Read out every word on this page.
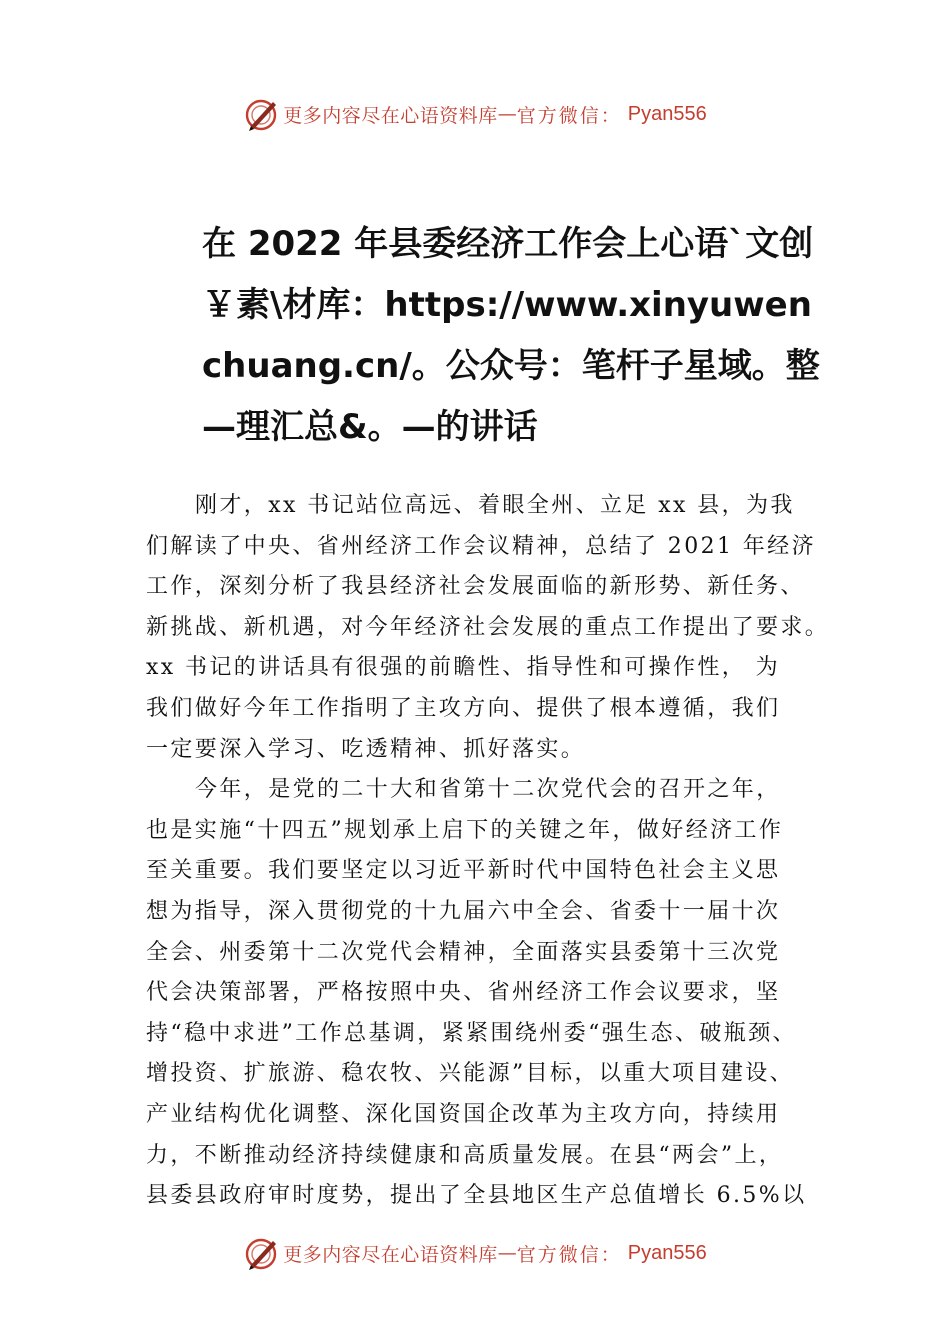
更多内容尽在心语资料库 — 官方微信： Pyan556
在 2022 年县委经济工作会上心语`文创
￥素\材库：https://www.xinyuwen
chuang.cn/。公众号：笔杆子星域。整
—理汇总&。—的讲话
刚才，xx 书记站位高远、着眼全州、立足 xx 县，为我
们解读了中央、省州经济工作会议精神，总结了 2021 年经济
工作，深刻分析了我县经济社会发展面临的新形势、新任务、
新挑战、新机遇，对今年经济社会发展的重点工作提出了要求。
xx 书记的讲话具有很强的前瞻性、指导性和可操作性， 为
我们做好今年工作指明了主攻方向、提供了根本遵循，我们
一定要深入学习、吃透精神、抓好落实。
今年，是党的二十大和省第十二次党代会的召开之年，
也是实施“十四五”规划承上启下的关键之年，做好经济工作
至关重要。我们要坚定以习近平新时代中国特色社会主义思
想为指导，深入贯彻党的十九届六中全会、省委十一届十次
全会、州委第十二次党代会精神，全面落实县委第十三次党
代会决策部署，严格按照中央、省州经济工作会议要求，坚
持“稳中求进”工作总基调，紧紧围绕州委“强生态、破瓶颈、
增投资、扩旅游、稳农牧、兴能源”目标，以重大项目建设、
产业结构优化调整、深化国资国企改革为主攻方向，持续用
力，不断推动经济持续健康和高质量发展。在县“两会”上，
县委县政府审时度势，提出了全县地区生产总值增长 6.5%以
更多内容尽在心语资料库 — 官方微信： Pyan556
